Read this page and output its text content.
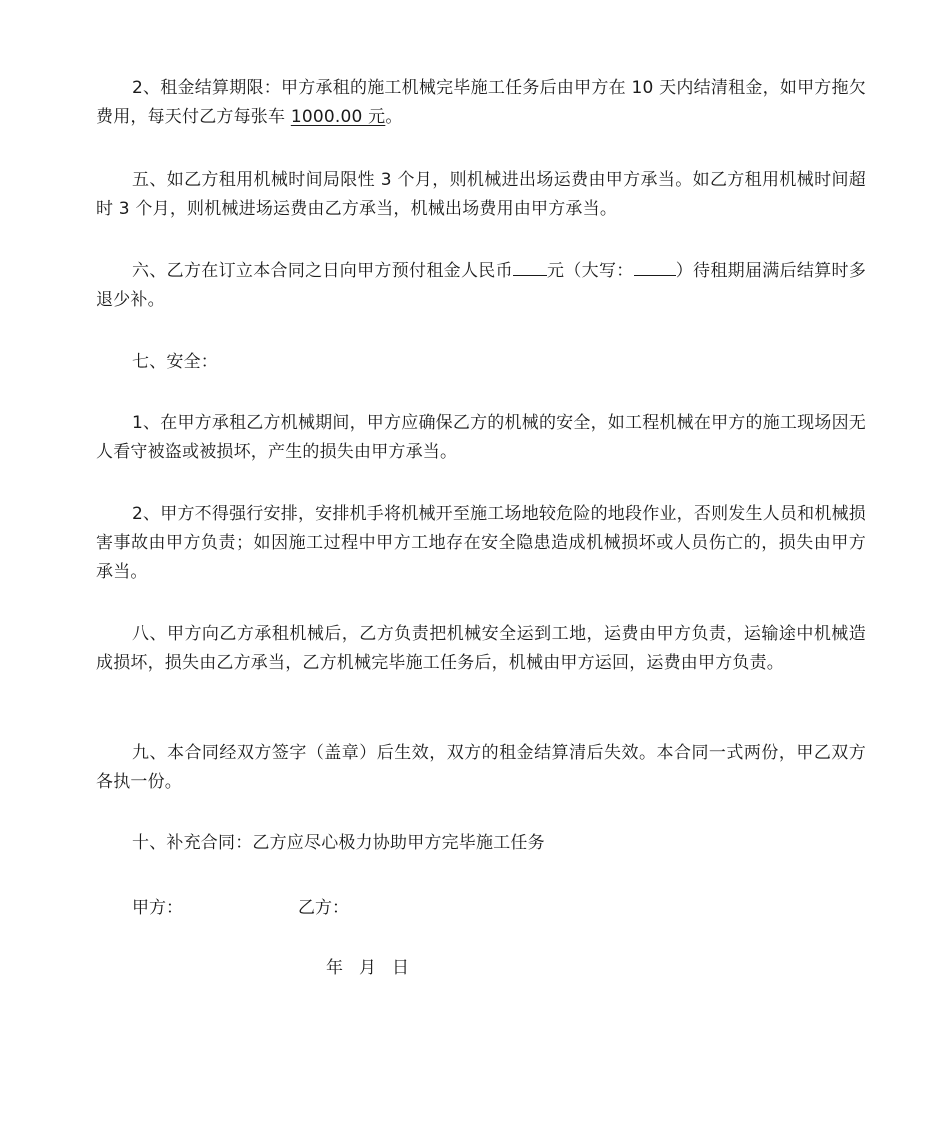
2、租金结算期限：甲方承租的施工机械完毕施工任务后由甲方在 10 天内结清租金，如甲方拖欠费用，每天付乙方每张车 1000.00 元。

五、如乙方租用机械时间局限性 3 个月，则机械进出场运费由甲方承当。如乙方租用机械时间超时 3 个月，则机械进场运费由乙方承当，机械出场费用由甲方承当。

六、乙方在订立本合同之日向甲方预付租金人民币 元（大写： ）待租期届满后结算时多退少补。

七、安全：

1、在甲方承租乙方机械期间，甲方应确保乙方的机械的安全，如工程机械在甲方的施工现场因无人看守被盗或被损坏，产生的损失由甲方承当。

2、甲方不得强行安排，安排机手将机械开至施工场地较危险的地段作业，否则发生人员和机械损害事故由甲方负责；如因施工过程中甲方工地存在安全隐患造成机械损坏或人员伤亡的，损失由甲方承当。

八、甲方向乙方承租机械后，乙方负责把机械安全运到工地，运费由甲方负责，运输途中机械造成损坏，损失由乙方承当，乙方机械完毕施工任务后，机械由甲方运回，运费由甲方负责。

九、本合同经双方签字（盖章）后生效，双方的租金结算清后失效。本合同一式两份，甲乙双方各执一份。

十、补充合同：乙方应尽心极力协助甲方完毕施工任务

甲方：	乙方：

年 月 日
